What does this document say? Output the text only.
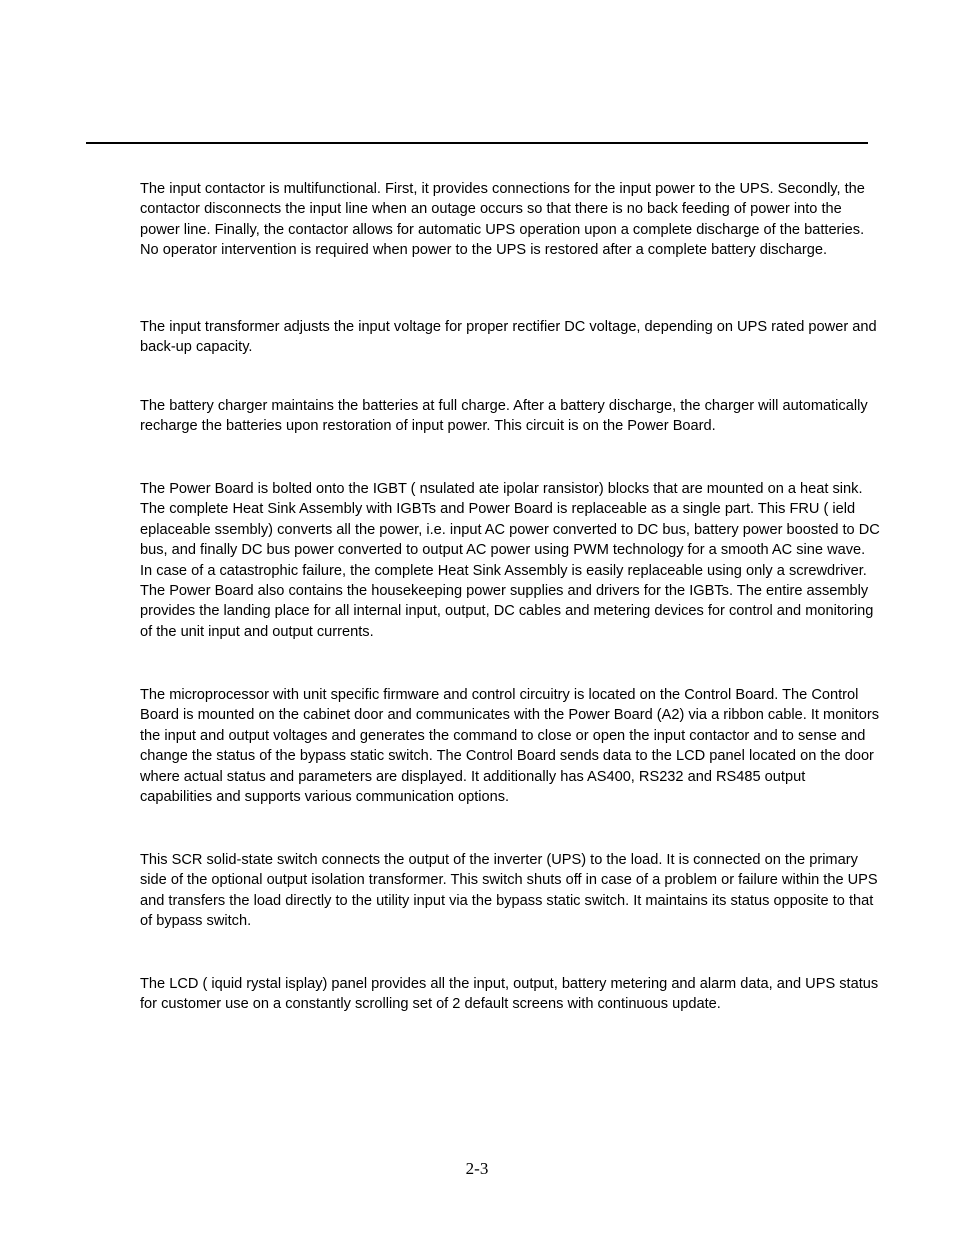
The input contactor is multifunctional. First, it provides connections for the input power to the UPS. Secondly, the contactor disconnects the input line when an outage occurs so that there is no back feeding of power into the power line. Finally, the contactor allows for automatic UPS operation upon a complete discharge of the batteries. No operator intervention is required when power to the UPS is restored after a complete battery discharge.

The input transformer adjusts the input voltage for proper rectifier DC voltage, depending on UPS rated power and back-up capacity.

The battery charger maintains the batteries at full charge. After a battery discharge, the charger will automatically recharge the batteries upon restoration of input power. This circuit is on the Power Board.

The Power Board is bolted onto the IGBT ( nsulated ate ipolar ransistor) blocks that are mounted on a heat sink. The complete Heat Sink Assembly with IGBTs and Power Board is replaceable as a single part. This FRU ( ield eplaceable ssembly) converts all the power, i.e. input AC power converted to DC bus, battery power boosted to DC bus, and finally DC bus power converted to output AC power using PWM technology for a smooth AC sine wave. In case of a catastrophic failure, the complete Heat Sink Assembly is easily replaceable using only a screwdriver. The Power Board also contains the housekeeping power supplies and drivers for the IGBTs. The entire assembly provides the landing place for all internal input, output, DC cables and metering devices for control and monitoring of the unit input and output currents.

The microprocessor with unit specific firmware and control circuitry is located on the Control Board. The Control Board is mounted on the cabinet door and communicates with the Power Board (A2) via a ribbon cable. It monitors the input and output voltages and generates the command to close or open the input contactor and to sense and change the status of the bypass static switch. The Control Board sends data to the LCD panel located on the door where actual status and parameters are displayed. It additionally has AS400, RS232 and RS485 output capabilities and supports various communication options.

This SCR solid-state switch connects the output of the inverter (UPS) to the load. It is connected on the primary side of the optional output isolation transformer. This switch shuts off in case of a problem or failure within the UPS and transfers the load directly to the utility input via the bypass static switch. It maintains its status opposite to that of bypass switch.

The LCD ( iquid rystal isplay) panel provides all the input, output, battery metering and alarm data, and UPS status for customer use on a constantly scrolling set of 2 default screens with continuous update.

2-3
